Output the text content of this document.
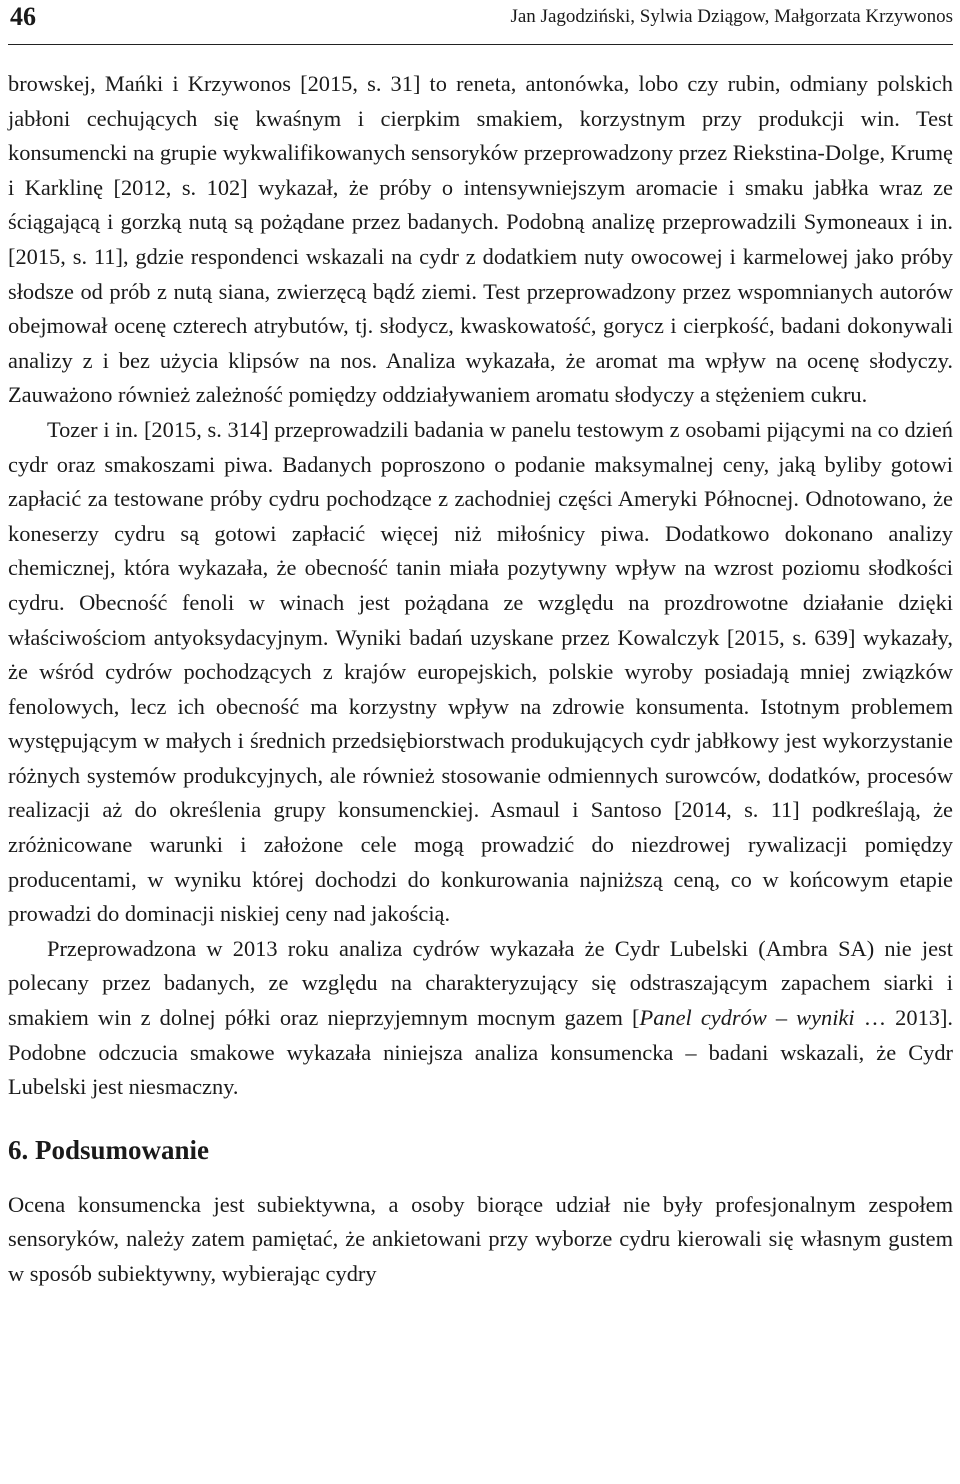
46	Jan Jagodziński, Sylwia Dziągow, Małgorzata Krzywonos

browskej, Mańki i Krzywonos [2015, s. 31] to reneta, antonówka, lobo czy rubin, odmiany polskich jabłoni cechujących się kwaśnym i cierpkim smakiem, korzystnym przy produkcji win. Test konsumencki na grupie wykwalifikowanych sensoryków przeprowadzony przez Riekstina-Dolge, Krumę i Karklinę [2012, s. 102] wykazał, że próby o intensywniejszym aromacie i smaku jabłka wraz ze ściągającą i gorzką nutą są pożądane przez badanych. Podobną analizę przeprowadzili Symoneaux i in. [2015, s. 11], gdzie respondenci wskazali na cydr z dodatkiem nuty owocowej i karmelowej jako próby słodsze od prób z nutą siana, zwierzęcą bądź ziemi. Test przeprowadzony przez wspomnianych autorów obejmował ocenę czterech atrybutów, tj. słodycz, kwaskowatość, gorycz i cierpkość, badani dokonywali analizy z i bez użycia klipsów na nos. Analiza wykazała, że aromat ma wpływ na ocenę słodyczy. Zauważono również zależność pomiędzy oddziaływaniem aromatu słodyczy a stężeniem cukru.

Tozer i in. [2015, s. 314] przeprowadzili badania w panelu testowym z osobami pijącymi na co dzień cydr oraz smakoszami piwa. Badanych poproszono o podanie maksymalnej ceny, jaką byliby gotowi zapłacić za testowane próby cydru pochodzące z zachodniej części Ameryki Północnej. Odnotowano, że koneserzy cydru są gotowi zapłacić więcej niż miłośnicy piwa. Dodatkowo dokonano analizy chemicznej, która wykazała, że obecność tanin miała pozytywny wpływ na wzrost poziomu słodkości cydru. Obecność fenoli w winach jest pożądana ze względu na prozdrowotne działanie dzięki właściwościom antyoksydacyjnym. Wyniki badań uzyskane przez Kowalczyk [2015, s. 639] wykazały, że wśród cydrów pochodzących z krajów europejskich, polskie wyroby posiadają mniej związków fenolowych, lecz ich obecność ma korzystny wpływ na zdrowie konsumenta. Istotnym problemem występującym w małych i średnich przedsiębiorstwach produkujących cydr jabłkowy jest wykorzystanie różnych systemów produkcyjnych, ale również stosowanie odmiennych surowców, dodatków, procesów realizacji aż do określenia grupy konsumenckiej. Asmaul i Santoso [2014, s. 11] podkreślają, że zróżnicowane warunki i założone cele mogą prowadzić do niezdrowej rywalizacji pomiędzy producentami, w wyniku której dochodzi do konkurowania najniższą ceną, co w końcowym etapie prowadzi do dominacji niskiej ceny nad jakością.

Przeprowadzona w 2013 roku analiza cydrów wykazała że Cydr Lubelski (Ambra SA) nie jest polecany przez badanych, ze względu na charakteryzujący się odstraszającym zapachem siarki i smakiem win z dolnej półki oraz nieprzyjemnym mocnym gazem [Panel cydrów – wyniki … 2013]. Podobne odczucia smakowe wykazała niniejsza analiza konsumencka – badani wskazali, że Cydr Lubelski jest niesmaczny.

6. Podsumowanie

Ocena konsumencka jest subiektywna, a osoby biorące udział nie były profesjonalnym zespołem sensoryków, należy zatem pamiętać, że ankietowani przy wyborze cydru kierowali się własnym gustem w sposób subiektywny, wybierając cydry
